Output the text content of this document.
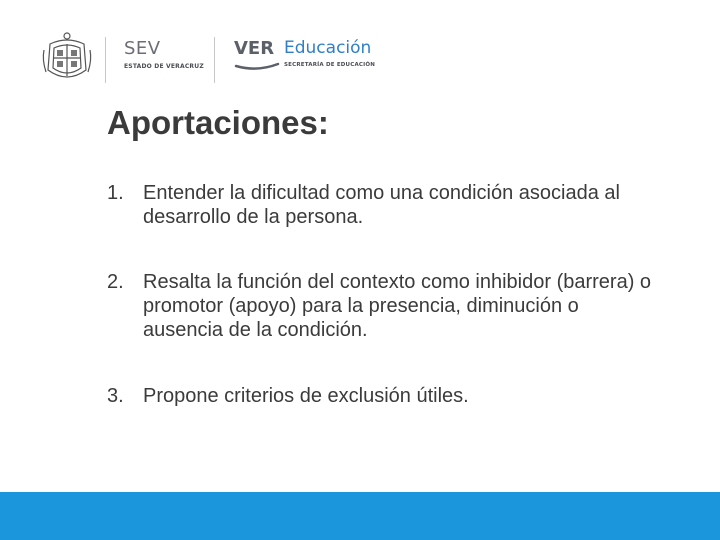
SEV
ESTADO DE VERACRUZ
VER Educación
SECRETARÍA DE EDUCACIÓN
Aportaciones:
1. Entender la dificultad como una condición asociada al desarrollo de la persona.
2. Resalta la función del contexto como inhibidor (barrera) o promotor (apoyo) para la presencia, diminución o ausencia de la condición.
3. Propone criterios de exclusión útiles.
